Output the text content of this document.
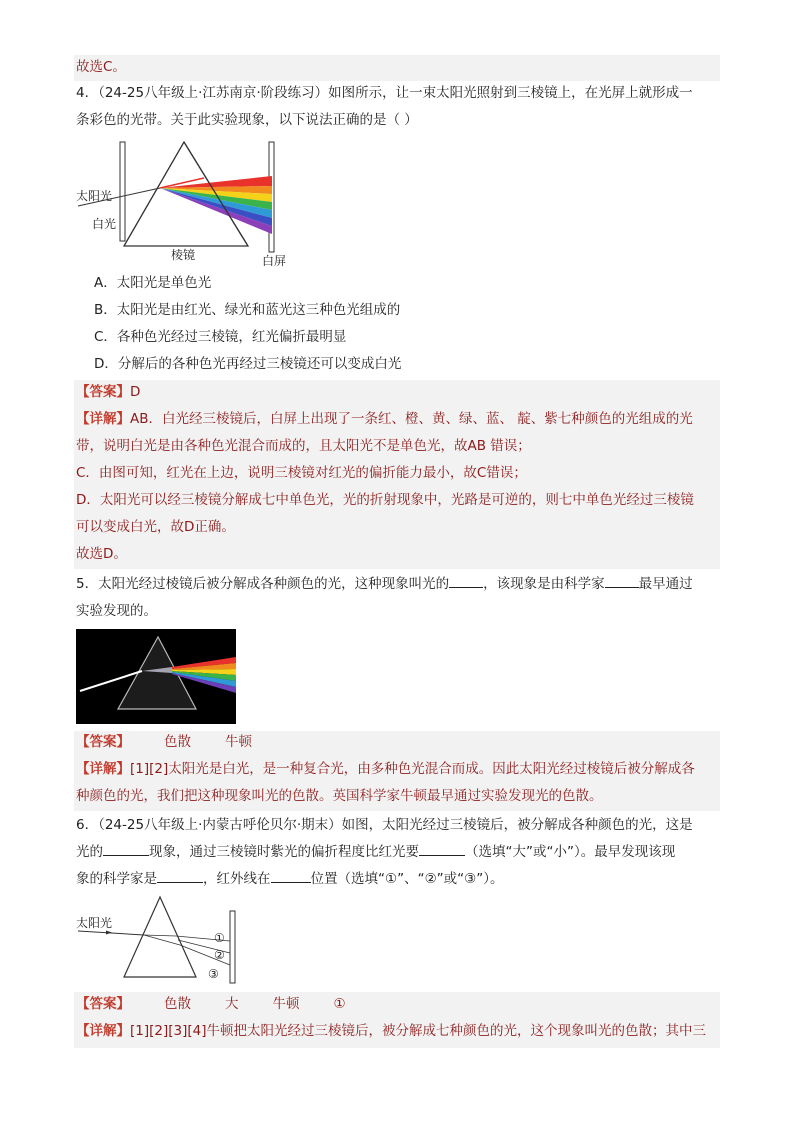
故选C。
4．（24-25八年级上·江苏南京·阶段练习）如图所示，让一束太阳光照射到三棱镜上，在光屏上就形成一
条彩色的光带。关于此实验现象，以下说法正确的是（ ）
太阳光
白光
棱镜	白屏
A．太阳光是单色光
B．太阳光是由红光、绿光和蓝光这三种色光组成的
C．各种色光经过三棱镜，红光偏折最明显
D．分解后的各种色光再经过三棱镜还可以变成白光
【答案】D
【详解】AB．白光经三棱镜后，白屏上出现了一条红、橙、黄、绿、蓝、 靛、紫七种颜色的光组成的光
带，说明白光是由各种色光混合而成的，且太阳光不是单色光，故AB 错误；
C．由图可知，红光在上边，说明三棱镜对红光的偏折能力最小，故C错误；
D．太阳光可以经三棱镜分解成七中单色光，光的折射现象中，光路是可逆的，则七中单色光经过三棱镜
可以变成白光，故D正确。
故选D。
5．太阳光经过棱镜后被分解成各种颜色的光，这种现象叫光的	，该现象是由科学家	最早通过
实验发现的。
【答案】	色散	牛顿
【详解】[1][2]太阳光是白光，是一种复合光，由多种色光混合而成。因此太阳光经过棱镜后被分解成各
种颜色的光，我们把这种现象叫光的色散。英国科学家牛顿最早通过实验发现光的色散。
6．（24-25八年级上·内蒙古呼伦贝尔·期末）如图，太阳光经过三棱镜后，被分解成各种颜色的光，这是
光的	现象，通过三棱镜时紫光的偏折程度比红光要	（选填“大”或“小”）。最早发现该现
象的科学家是	，红外线在	位置（选填“①”、“②”或“③”）。
太阳光
①
②
③
【答案】	色散	大	牛顿	①
【详解】[1][2][3][4]牛顿把太阳光经过三棱镜后，被分解成七种颜色的光，这个现象叫光的色散；其中三
